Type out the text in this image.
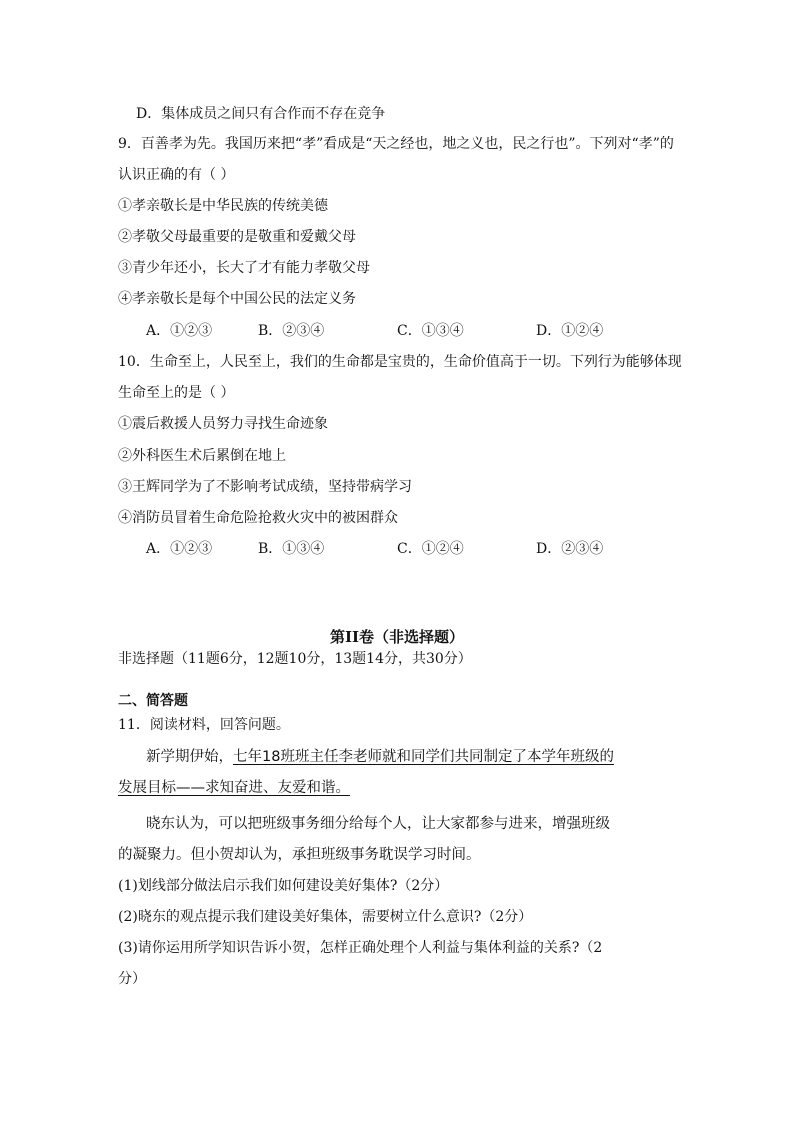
D．集体成员之间只有合作而不存在竞争

9．百善孝为先。我国历来把“孝”看成是“天之经也，地之义也，民之行也”。下列对“孝”的

认识正确的有（ ）

①孝亲敬长是中华民族的传统美德

②孝敬父母最重要的是敬重和爱戴父母

③青少年还小，长大了才有能力孝敬父母

④孝亲敬长是每个中国公民的法定义务

A．①②③	B．②③④	C．①③④	D．①②④

10．生命至上，人民至上，我们的生命都是宝贵的，生命价值高于一切。下列行为能够体现

生命至上的是（ ）

①震后救援人员努力寻找生命迹象

②外科医生术后累倒在地上

③王辉同学为了不影响考试成绩，坚持带病学习

④消防员冒着生命危险抢救火灾中的被困群众

A．①②③	B．①③④	C．①②④	D．②③④
第II卷（非选择题）

非选择题（11题6分，12题10分，13题14分，共30分）

二、简答题

11．阅读材料，回答问题。

新学期伊始，七年18班班主任李老师就和同学们共同制定了本学年班级的

发展目标——求知奋进、友爱和谐。

晓东认为，可以把班级事务细分给每个人，让大家都参与进来，增强班级

的凝聚力。但小贺却认为，承担班级事务耽误学习时间。

(1)划线部分做法启示我们如何建设美好集体?（2分）

(2)晓东的观点提示我们建设美好集体，需要树立什么意识?（2分）

(3)请你运用所学知识告诉小贺，怎样正确处理个人利益与集体利益的关系?（2

分）
